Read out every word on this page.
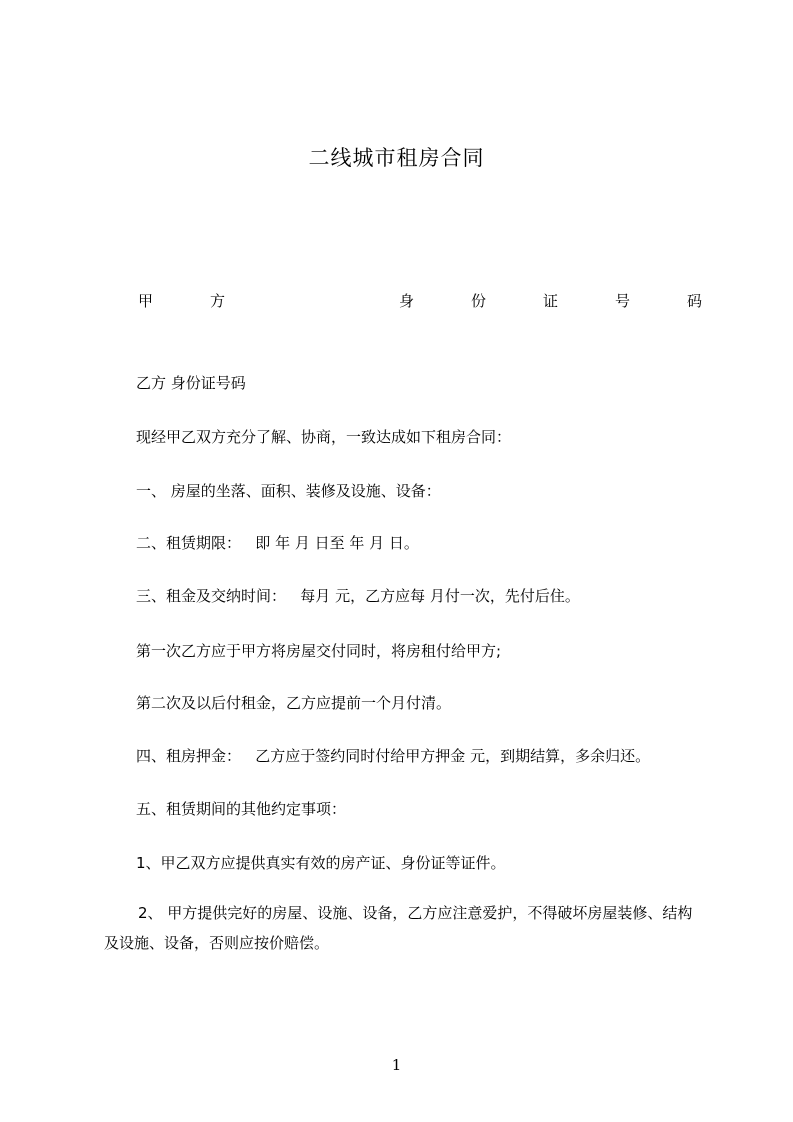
二线城市租房合同
甲	方	身	份	证	号	码
乙方 身份证号码
现经甲乙双方充分了解、协商，一致达成如下租房合同：
一、 房屋的坐落、面积、装修及设施、设备：
二、租赁期限：   即 年 月 日至 年 月 日。
三、租金及交纳时间：   每月 元，乙方应每 月付一次，先付后住。
第一次乙方应于甲方将房屋交付同时，将房租付给甲方;
第二次及以后付租金，乙方应提前一个月付清。
四、租房押金：   乙方应于签约同时付给甲方押金 元，到期结算，多余归还。
五、租赁期间的其他约定事项：
1、甲乙双方应提供真实有效的房产证、身份证等证件。
2、 甲方提供完好的房屋、设施、设备，乙方应注意爱护，不得破坏房屋装修、结构及设施、设备，否则应按价赔偿。
1
